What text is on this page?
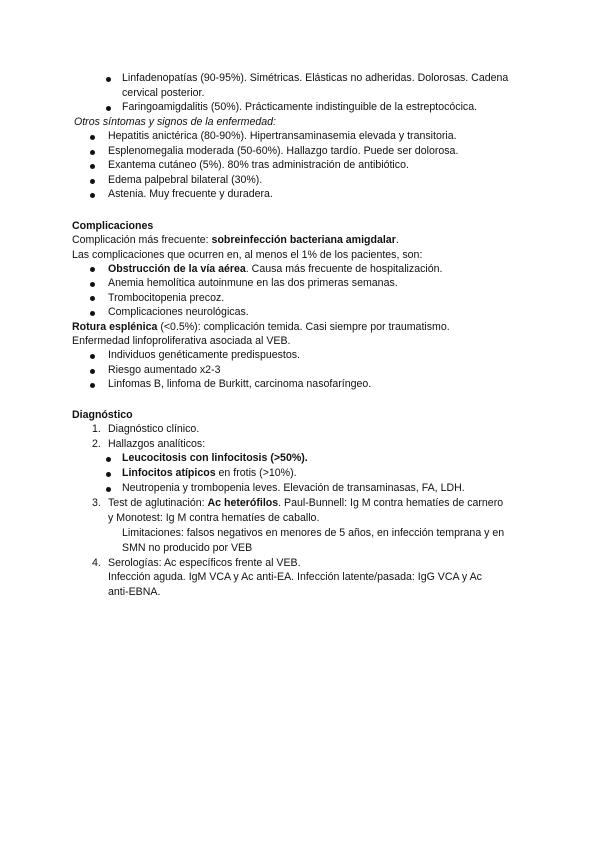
Linfadenopatías (90-95%). Simétricas. Elásticas no adheridas. Dolorosas. Cadena
cervical posterior.
Faringoamigdalitis (50%). Prácticamente indistinguible de la estreptocócica.
Otros síntomas y signos de la enfermedad:
Hepatitis anictérica (80-90%). Hipertransaminasemia elevada y transitoria.
Esplenomegalia moderada (50-60%). Hallazgo tardío. Puede ser dolorosa.
Exantema cutáneo (5%). 80% tras administración de antibiótico.
Edema palpebral bilateral (30%).
Astenia. Muy frecuente y duradera.
Complicaciones
Complicación más frecuente: sobreinfección bacteriana amigdalar.
Las complicaciones que ocurren en, al menos el 1% de los pacientes, son:
Obstrucción de la vía aérea. Causa más frecuente de hospitalización.
Anemia hemolítica autoinmune en las dos primeras semanas.
Trombocitopenia precoz.
Complicaciones neurológicas.
Rotura esplénica (<0.5%): complicación temida. Casi siempre por traumatismo.
Enfermedad linfoproliferativa asociada al VEB.
Individuos genéticamente predispuestos.
Riesgo aumentado x2-3
Linfomas B, linfoma de Burkitt, carcinoma nasofaríngeo.
Diagnóstico
1. Diagnóstico clínico.
2. Hallazgos analíticos:
Leucocitosis con linfocitosis (>50%).
Linfocitos atípicos en frotis (>10%).
Neutropenia y trombopenia leves. Elevación de transaminasas, FA, LDH.
3. Test de aglutinación: Ac heterófilos. Paul-Bunnell: Ig M contra hematíes de carnero
y Monotest: Ig M contra hematíes de caballo.
Limitaciones: falsos negativos en menores de 5 años, en infección temprana y en
SMN no producido por VEB
4. Serologías: Ac específicos frente al VEB.
Infección aguda. IgM VCA y Ac anti-EA. Infección latente/pasada: IgG VCA y Ac
anti-EBNA.
